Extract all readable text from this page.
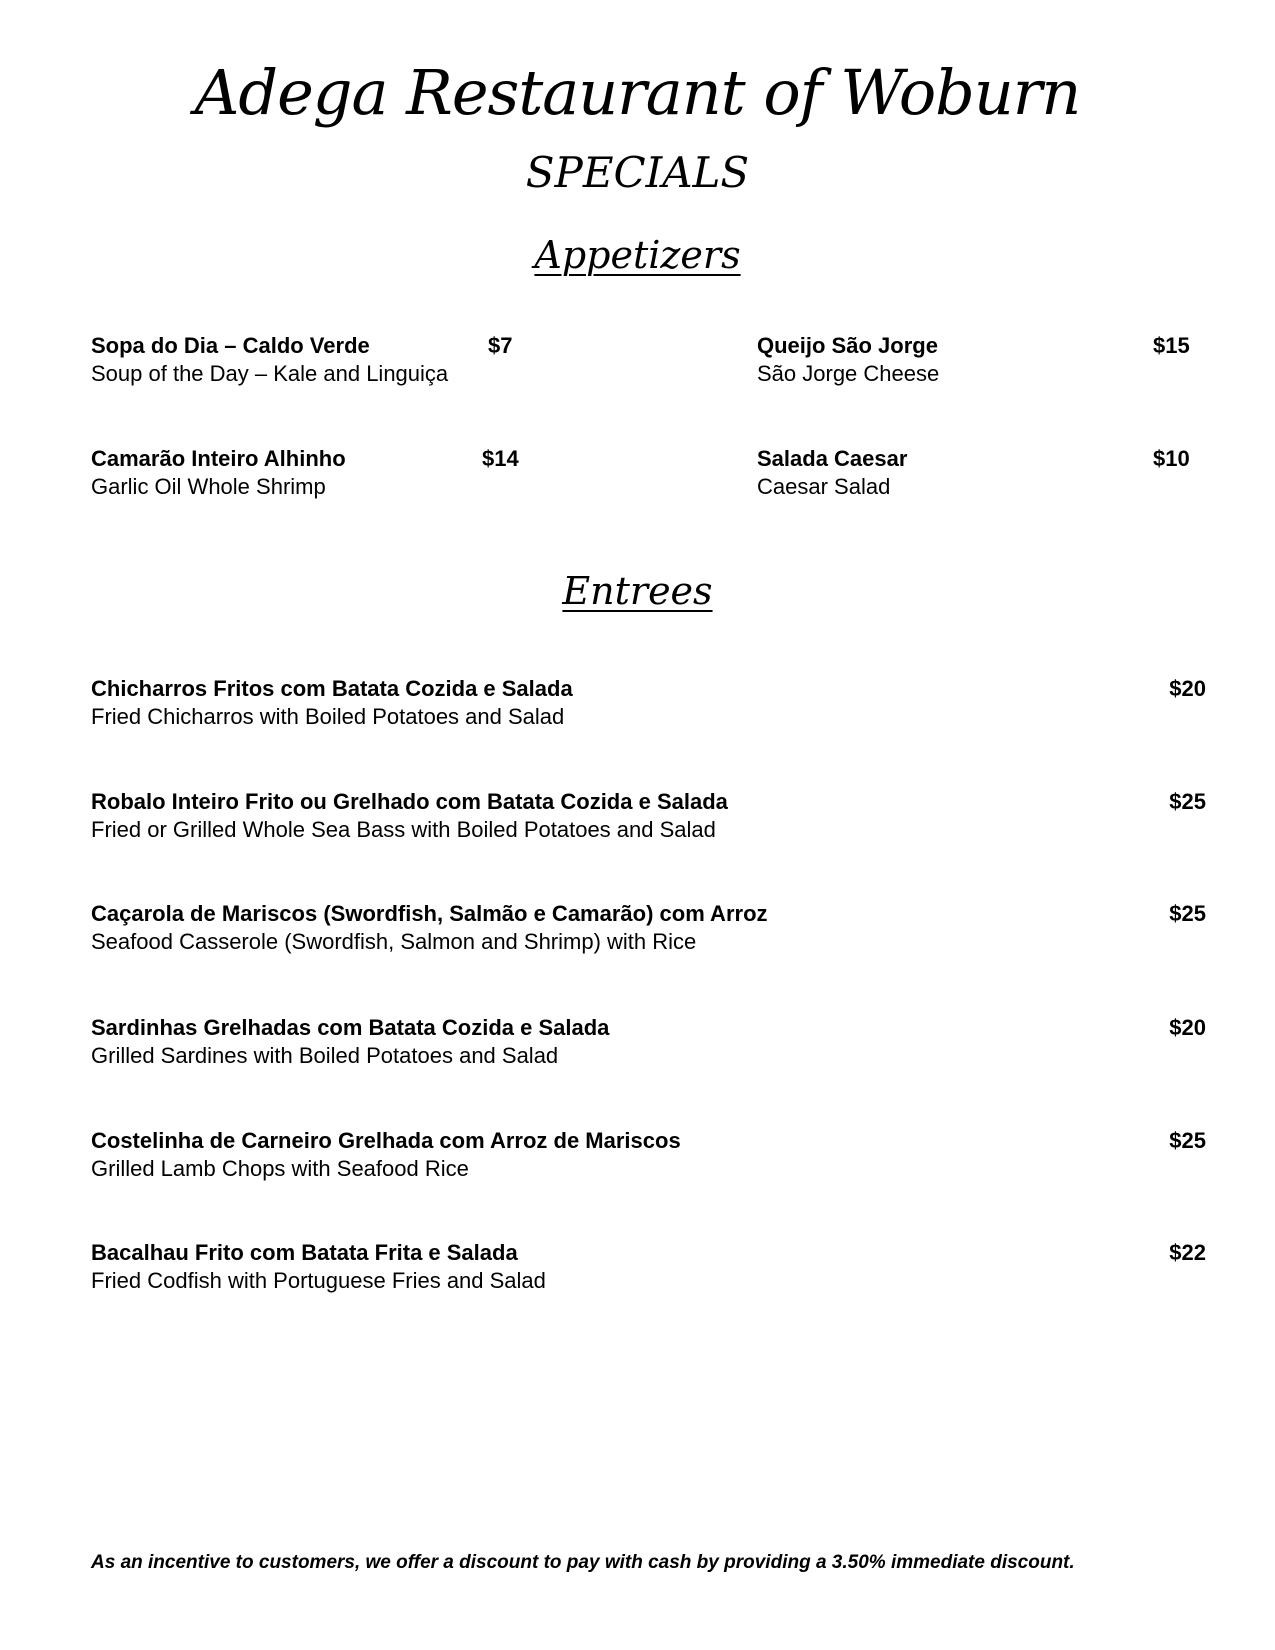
Adega Restaurant of Woburn
SPECIALS
Appetizers
Sopa do Dia – Caldo Verde
Soup of the Day – Kale and Linguiça
$7	Queijo São Jorge
São Jorge Cheese
$15
Camarão Inteiro Alhinho
Garlic Oil Whole Shrimp
$14	Salada Caesar
Caesar Salad
$10
Entrees
Chicharros Fritos com Batata Cozida e Salada
Fried Chicharros with Boiled Potatoes and Salad
$20
Robalo Inteiro Frito ou Grelhado com Batata Cozida e Salada
Fried or Grilled Whole Sea Bass with Boiled Potatoes and Salad
$25
Caçarola de Mariscos (Swordfish, Salmão e Camarão) com Arroz
Seafood Casserole (Swordfish, Salmon and Shrimp) with Rice
$25
Sardinhas Grelhadas com Batata Cozida e Salada
Grilled Sardines with Boiled Potatoes and Salad
$20
Costelinha de Carneiro Grelhada com Arroz de Mariscos
Grilled Lamb Chops with Seafood Rice
$25
Bacalhau Frito com Batata Frita e Salada
Fried Codfish with Portuguese Fries and Salad
$22
As an incentive to customers, we offer a discount to pay with cash by providing a 3.50% immediate discount.
